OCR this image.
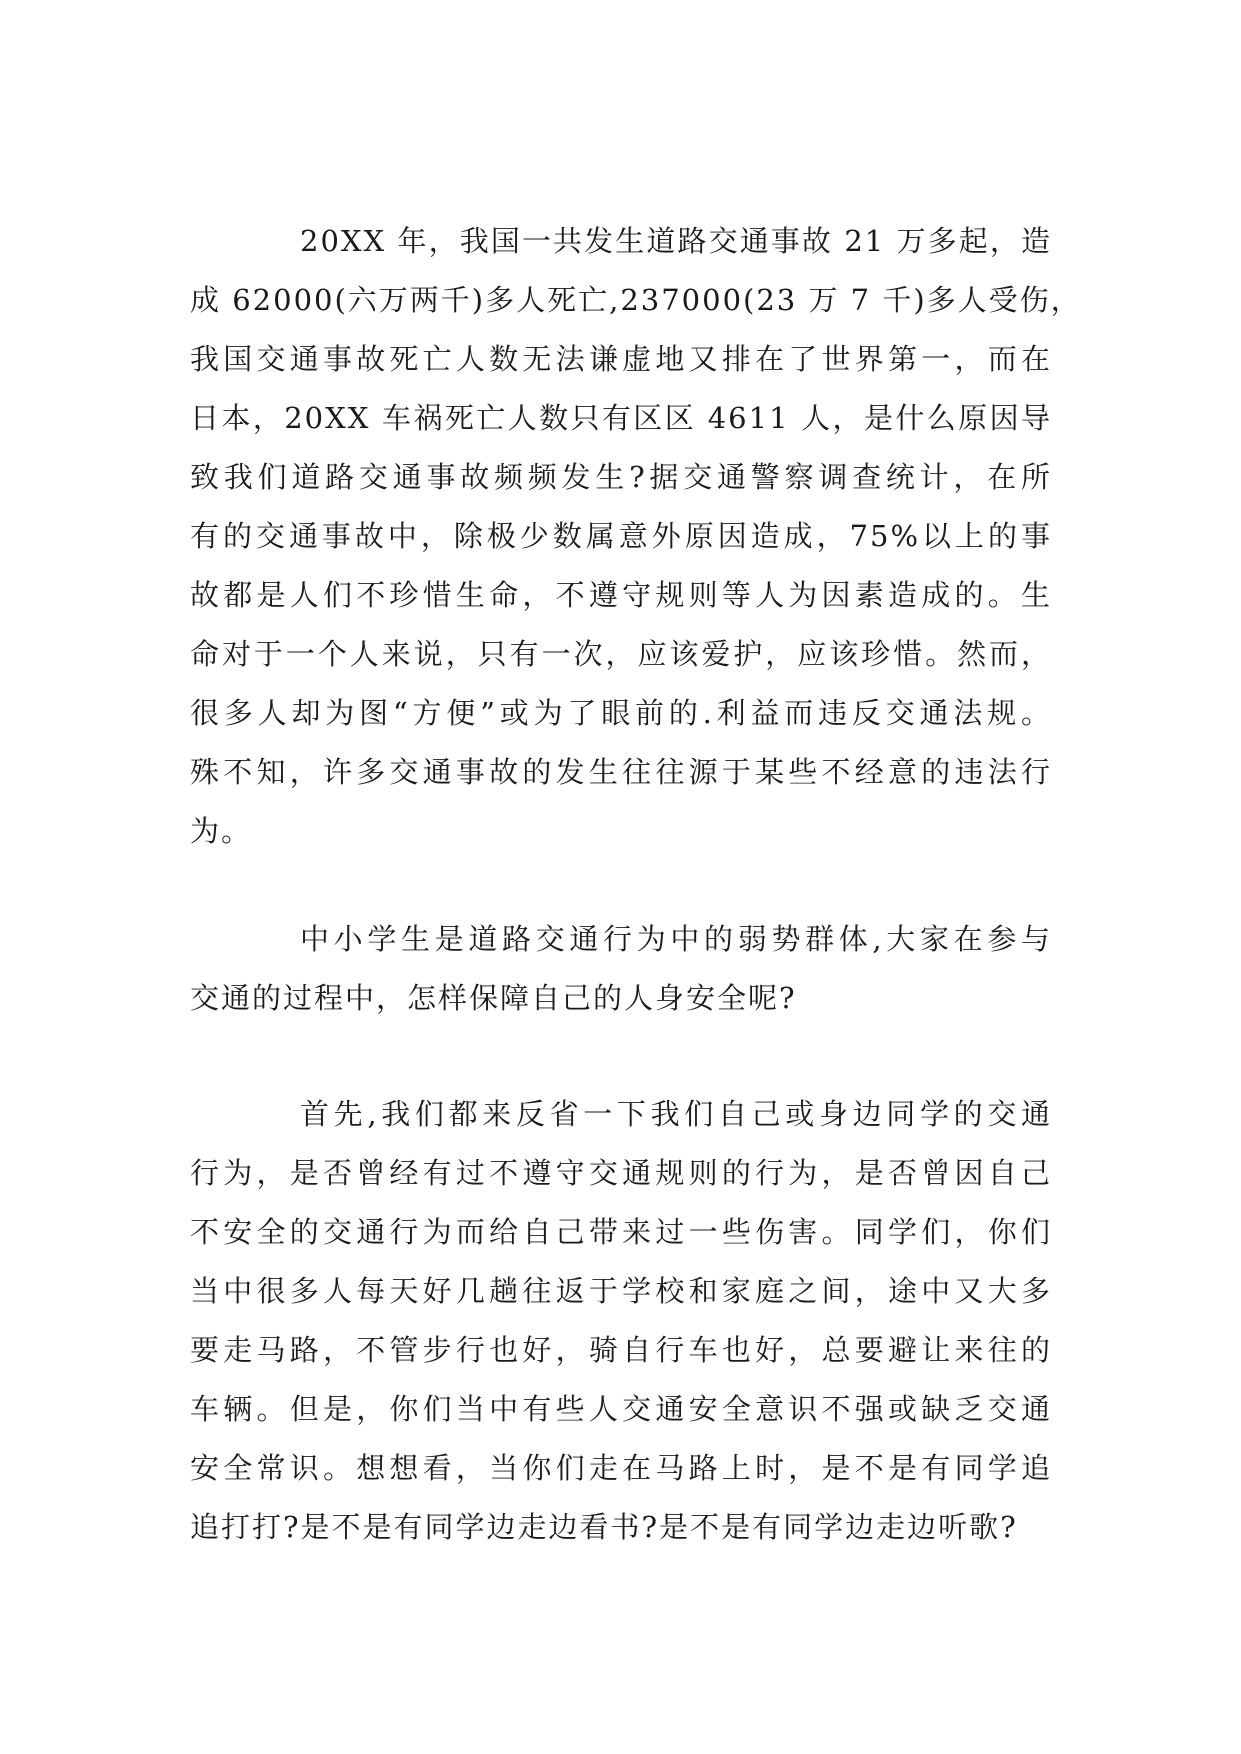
20XX 年，我国一共发生道路交通事故 21 万多起，造
成 62000(六万两千)多人死亡,237000(23 万 7 千)多人受伤，
我国交通事故死亡人数无法谦虚地又排在了世界第一，而在
日本，20XX 车祸死亡人数只有区区 4611 人，是什么原因导
致我们道路交通事故频频发生?据交通警察调查统计，在所
有的交通事故中，除极少数属意外原因造成，75%以上的事
故都是人们不珍惜生命，不遵守规则等人为因素造成的。生
命对于一个人来说，只有一次，应该爱护，应该珍惜。然而，
很多人却为图“方便”或为了眼前的.利益而违反交通法规。
殊不知，许多交通事故的发生往往源于某些不经意的违法行
为。
中小学生是道路交通行为中的弱势群体,大家在参与
交通的过程中，怎样保障自己的人身安全呢?
首先,我们都来反省一下我们自己或身边同学的交通
行为，是否曾经有过不遵守交通规则的行为，是否曾因自己
不安全的交通行为而给自己带来过一些伤害。同学们，你们
当中很多人每天好几趟往返于学校和家庭之间，途中又大多
要走马路，不管步行也好，骑自行车也好，总要避让来往的
车辆。但是，你们当中有些人交通安全意识不强或缺乏交通
安全常识。想想看，当你们走在马路上时，是不是有同学追
追打打?是不是有同学边走边看书?是不是有同学边走边听歌?
